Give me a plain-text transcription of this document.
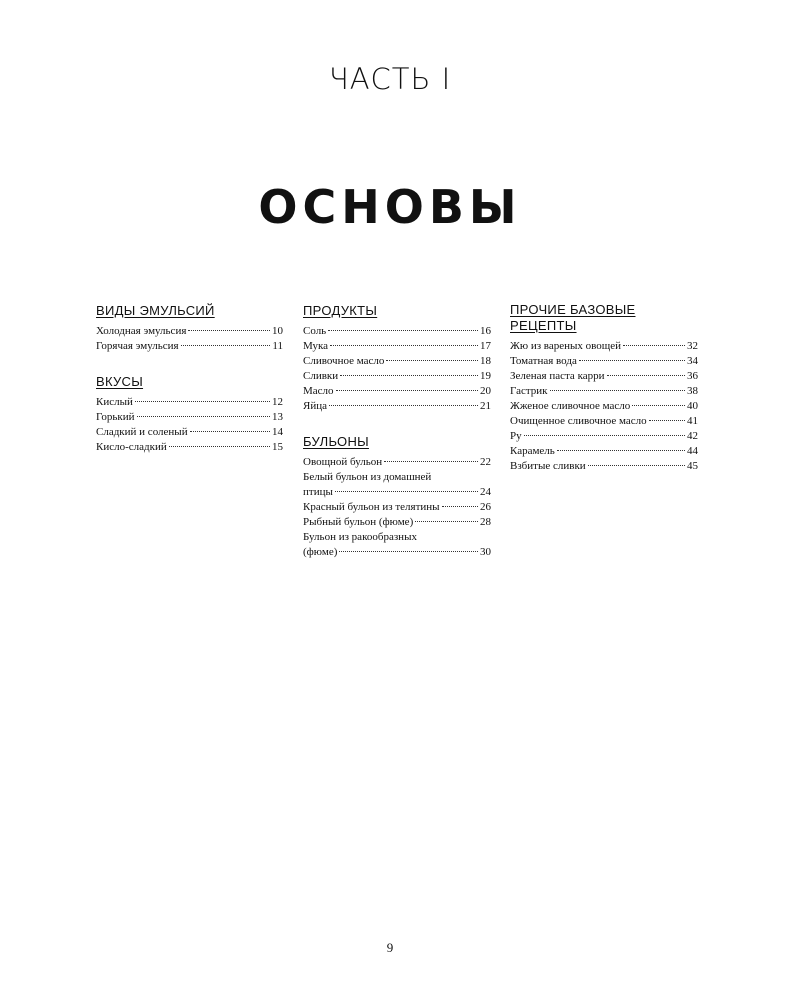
ЧАСТЬ I
ОСНОВЫ
ВИДЫ ЭМУЛЬСИЙ
Холодная эмульсия	10
Горячая эмульсия	11
ВКУСЫ
Кислый	12
Горький	13
Сладкий и соленый	14
Кисло-сладкий	15
ПРОДУКТЫ
Соль	16
Мука	17
Сливочное масло	18
Сливки	19
Масло	20
Яйца	21
БУЛЬОНЫ
Овощной бульон	22
Белый бульон из домашней
птицы	24
Красный бульон из телятины	26
Рыбный бульон (фюме)	28
Бульон из ракообразных
(фюме)	30
ПРОЧИЕ БАЗОВЫЕ РЕЦЕПТЫ
Жю из вареных овощей	32
Томатная вода	34
Зеленая паста карри	36
Гастрик	38
Жженое сливочное масло	40
Очищенное сливочное масло	41
Ру	42
Карамель	44
Взбитые сливки	45
9
